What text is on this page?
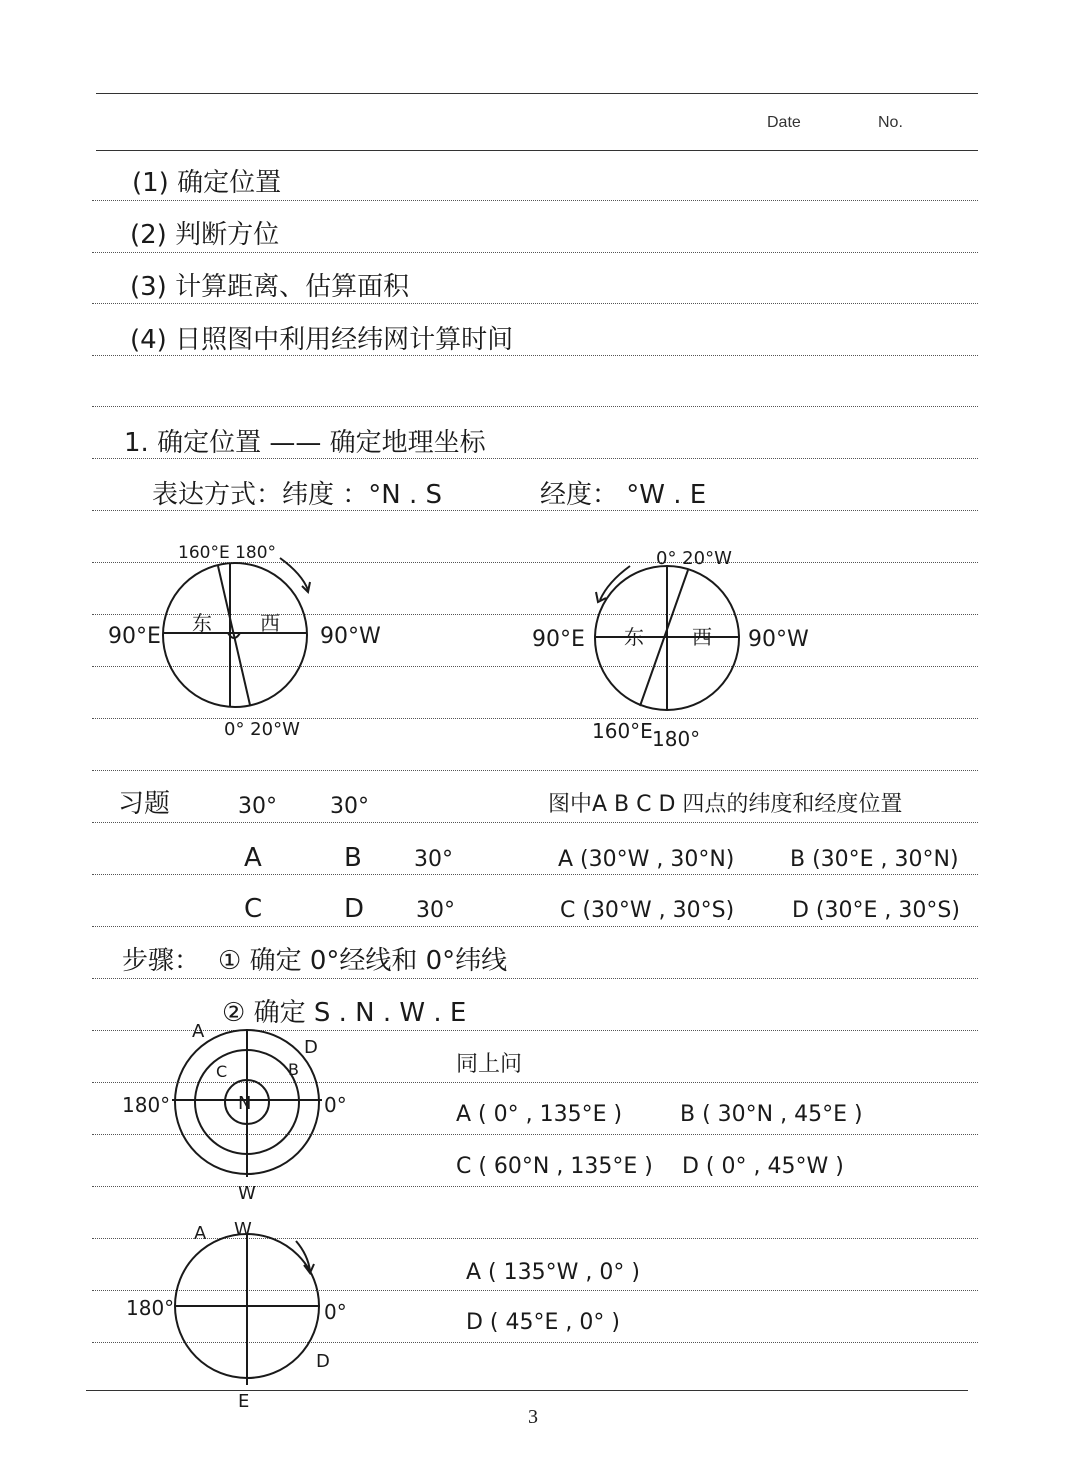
Date	No.
(1) 确定位置
(2) 判断方位
(3) 计算距离、估算面积
(4) 日照图中利用经纬网计算时间
1. 确定位置 —— 确定地理坐标
表达方式：纬度 ：°N . S	经度： °W . E
160°E 180°
90°E	90°W
东 西
0° 20°W
0° 20°W
90°E	90°W
东 西
160°E 180°
习题	30° 30°	图中A B C D 四点的纬度和经度位置
A	B 30°	A (30°W , 30°N)	B (30°E , 30°N)
C	D 30°	C (30°W , 30°S)	D (30°E , 30°S)
步骤： ① 确定 0°经线和 0°纬线
② 确定 S . N . W . E
A
D
C	B
N
180°	0°
W
同上问
A ( 0° , 135°E )	B ( 30°N , 45°E )
C ( 60°N , 135°E ) D ( 0° , 45°W )
A W
180°	0°
D
E
A ( 135°W , 0° )
D ( 45°E , 0° )
3
